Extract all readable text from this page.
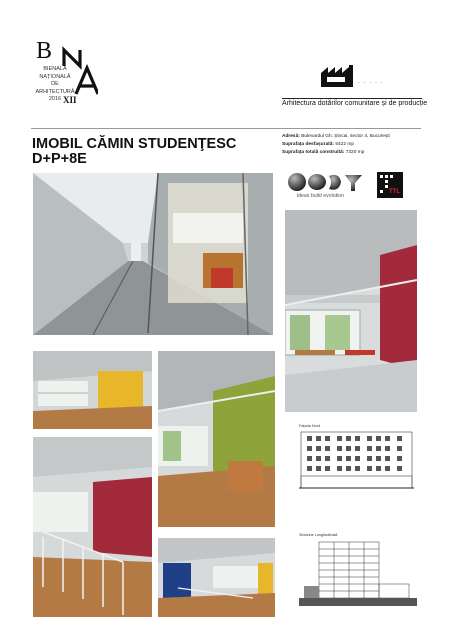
B
BIENALA
NAȚIONALĂ
DE
ARHITECTURĂ
2016 XII
· · · · ·
Arhitectura dotărilor comunitare și de producție
IMOBIL CĂMIN STUDENŢESC
D+P+8E
Adresă: Bulevardul Gh. Șincai, sector 4, București
Suprafața desfașurată: 5422 mp
Suprafața totală construită: 7320 mp
ideas build evolution
TTL
Fațada Nord
Secțiune Longitudinală
